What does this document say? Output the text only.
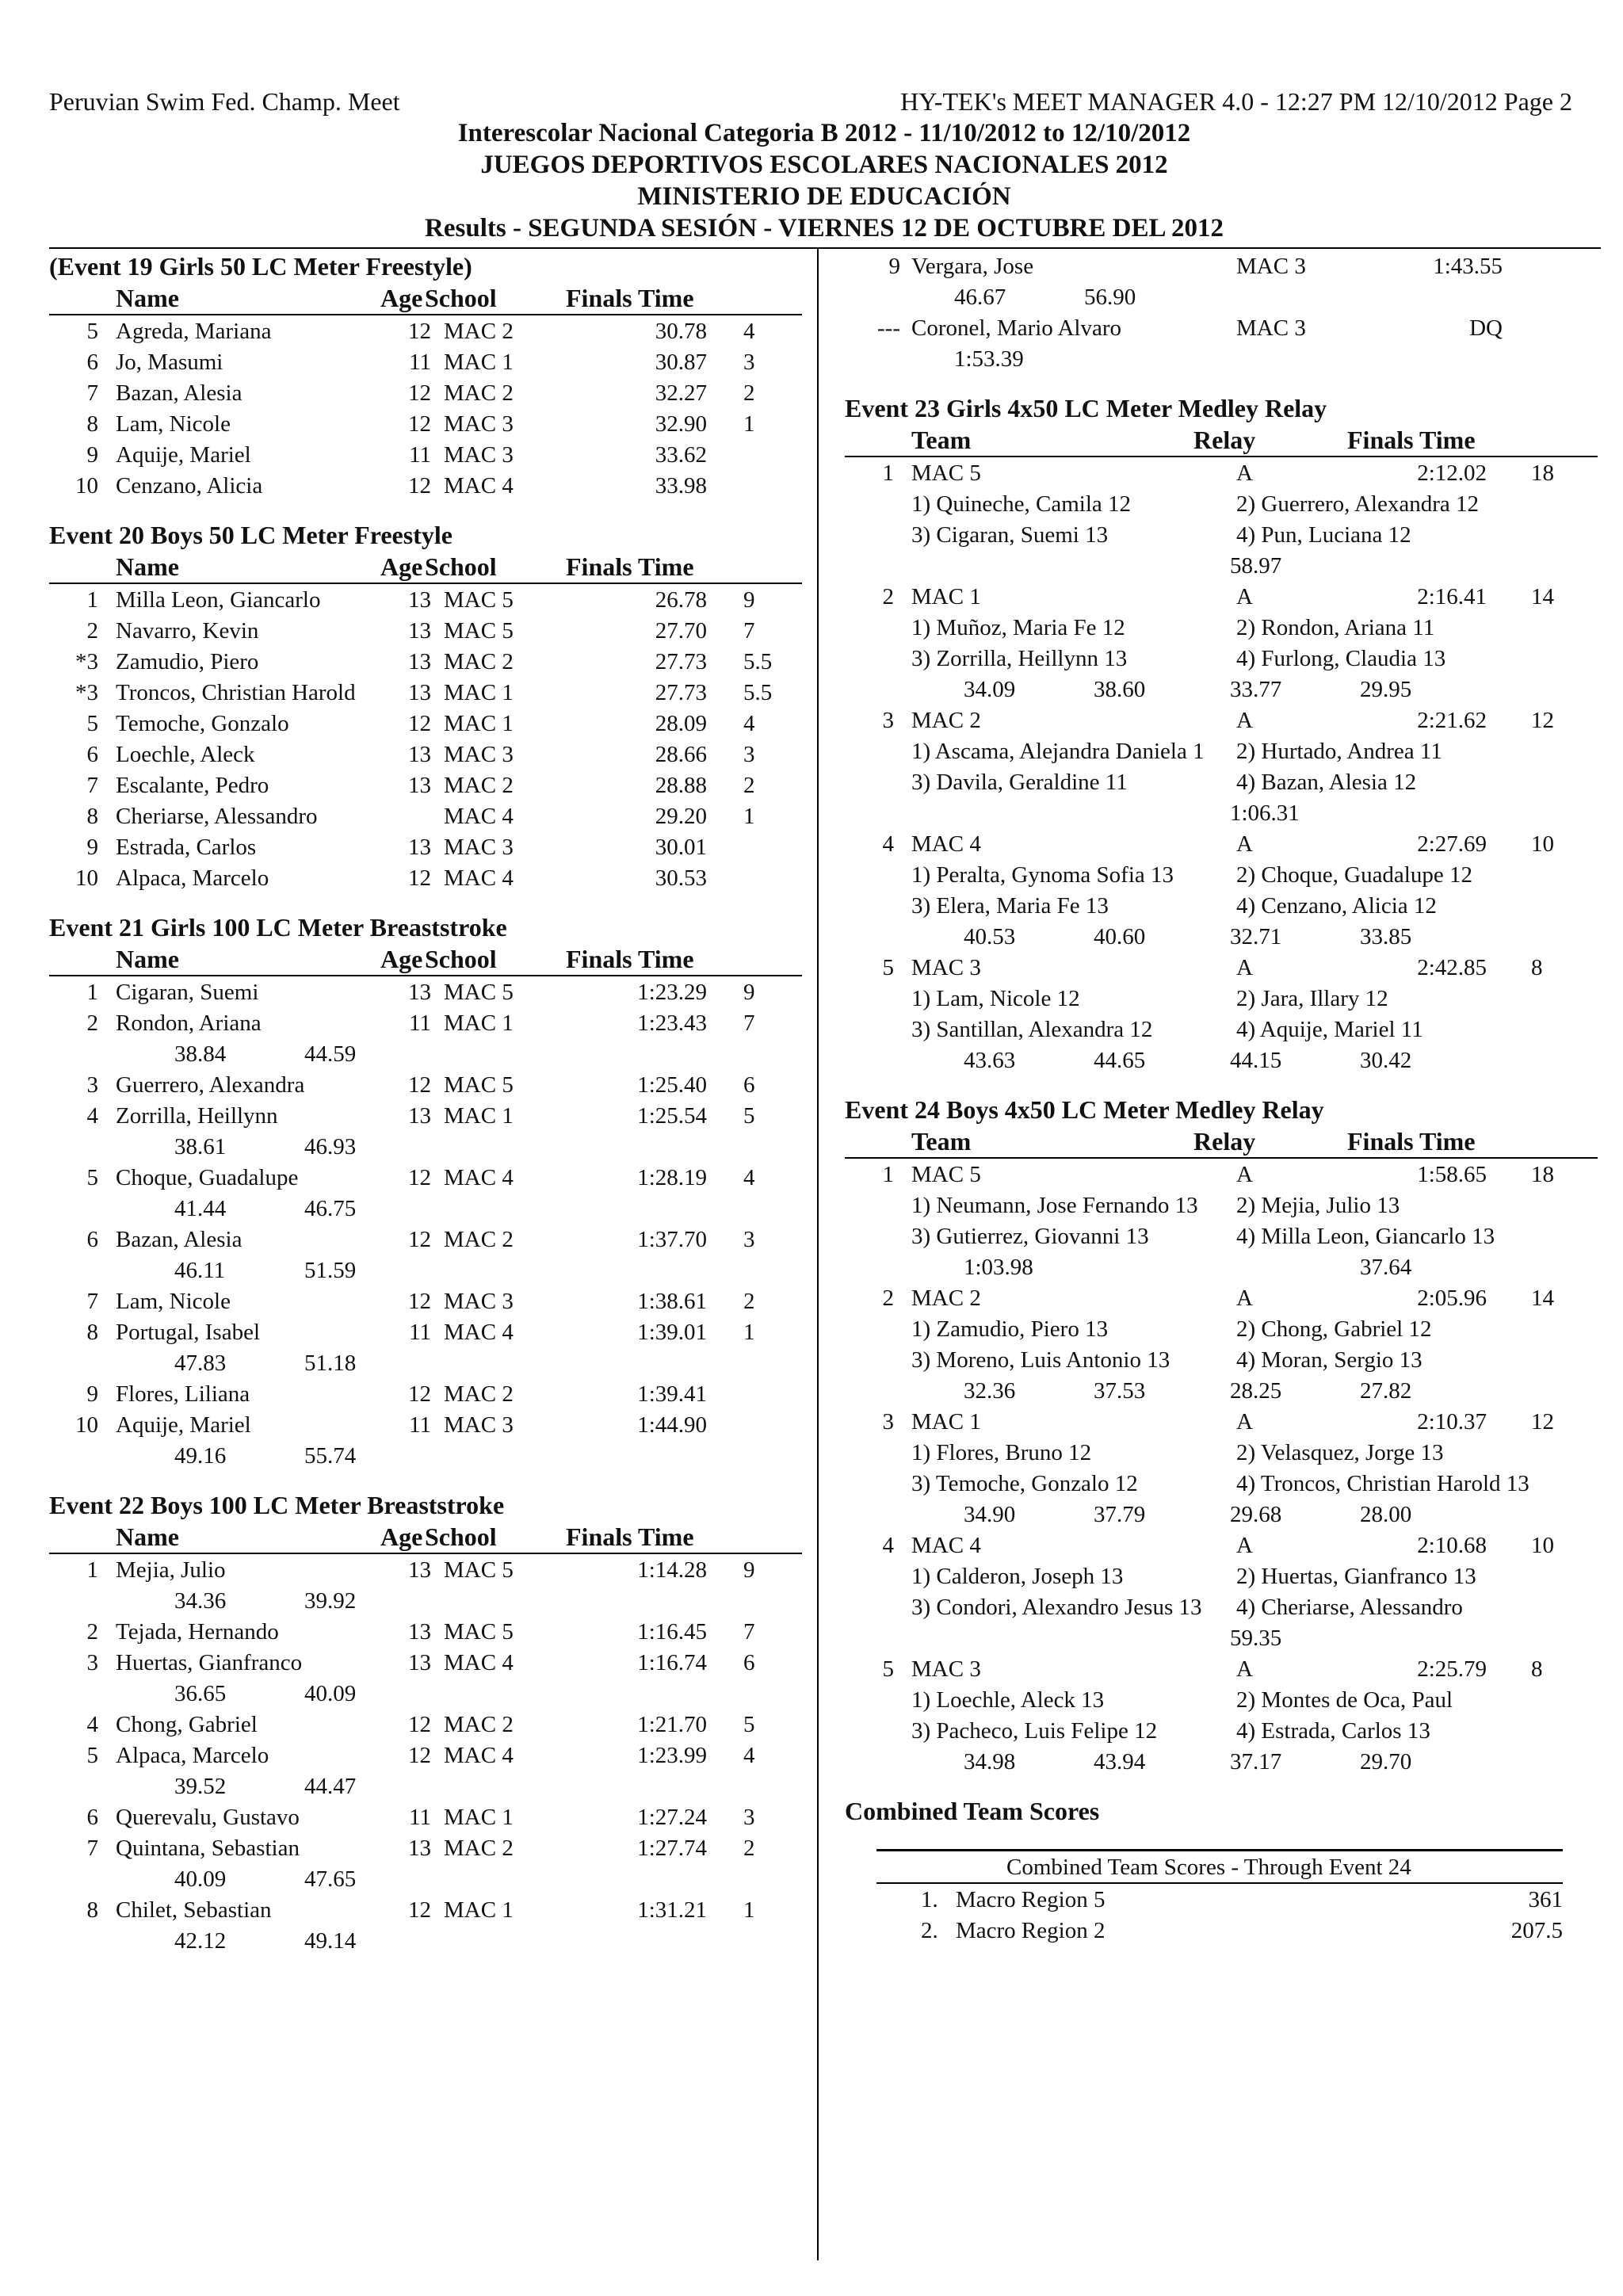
Peruvian Swim Fed. Champ. Meet	HY-TEK's MEET MANAGER 4.0 - 12:27 PM 12/10/2012 Page 2
Interescolar Nacional Categoria B 2012 - 11/10/2012 to 12/10/2012
JUEGOS DEPORTIVOS ESCOLARES NACIONALES 2012
MINISTERIO DE EDUCACIÓN
Results - SEGUNDA SESIÓN - VIERNES 12 DE OCTUBRE DEL 2012
(Event 19 Girls 50 LC Meter Freestyle)
Name	Age School	Finals Time
5 Agreda, Mariana	12 MAC 2	30.78 4
6 Jo, Masumi	11 MAC 1	30.87 3
7 Bazan, Alesia	12 MAC 2	32.27 2
8 Lam, Nicole	12 MAC 3	32.90 1
9 Aquije, Mariel	11 MAC 3	33.62
10 Cenzano, Alicia	12 MAC 4	33.98
Event 20 Boys 50 LC Meter Freestyle
Name	Age School	Finals Time
1 Milla Leon, Giancarlo	13 MAC 5	26.78 9
2 Navarro, Kevin	13 MAC 5	27.70 7
*3 Zamudio, Piero	13 MAC 2	27.73 5.5
*3 Troncos, Christian Harold 13 MAC 1	27.73 5.5
5 Temoche, Gonzalo	12 MAC 1	28.09 4
6 Loechle, Aleck	13 MAC 3	28.66 3
7 Escalante, Pedro	13 MAC 2	28.88 2
8 Cheriarse, Alessandro	MAC 4	29.20 1
9 Estrada, Carlos	13 MAC 3	30.01
10 Alpaca, Marcelo	12 MAC 4	30.53
Event 21 Girls 100 LC Meter Breaststroke
Name	Age School	Finals Time
1 Cigaran, Suemi	13 MAC 5	1:23.29 9
2 Rondon, Ariana	11 MAC 1	1:23.43 7
38.84	44.59
3 Guerrero, Alexandra	12 MAC 5	1:25.40 6
4 Zorrilla, Heillynn	13 MAC 1	1:25.54 5
38.61	46.93
5 Choque, Guadalupe	12 MAC 4	1:28.19 4
41.44	46.75
6 Bazan, Alesia	12 MAC 2	1:37.70 3
46.11	51.59
7 Lam, Nicole	12 MAC 3	1:38.61 2
8 Portugal, Isabel	11 MAC 4	1:39.01 1
47.83	51.18
9 Flores, Liliana	12 MAC 2	1:39.41
10 Aquije, Mariel	11 MAC 3	1:44.90
49.16	55.74
Event 22 Boys 100 LC Meter Breaststroke
Name	Age School	Finals Time
1 Mejia, Julio	13 MAC 5	1:14.28 9
34.36	39.92
2 Tejada, Hernando	13 MAC 5	1:16.45 7
3 Huertas, Gianfranco	13 MAC 4	1:16.74 6
36.65	40.09
4 Chong, Gabriel	12 MAC 2	1:21.70 5
5 Alpaca, Marcelo	12 MAC 4	1:23.99 4
39.52	44.47
6 Querevalu, Gustavo	11 MAC 1	1:27.24 3
7 Quintana, Sebastian	13 MAC 2	1:27.74 2
40.09	47.65
8 Chilet, Sebastian	12 MAC 1	1:31.21 1
42.12	49.14
9 Vergara, Jose	MAC 3	1:43.55
46.67	56.90
--- Coronel, Mario Alvaro	MAC 3	DQ
1:53.39
Event 23 Girls 4x50 LC Meter Medley Relay
Team	Relay	Finals Time
1 MAC 5	A	2:12.02 18
1) Quineche, Camila 12	2) Guerrero, Alexandra 12
3) Cigaran, Suemi 13	4) Pun, Luciana 12
58.97
2 MAC 1	A	2:16.41 14
1) Muñoz, Maria Fe 12	2) Rondon, Ariana 11
3) Zorrilla, Heillynn 13	4) Furlong, Claudia 13
34.09	38.60	33.77	29.95
3 MAC 2	A	2:21.62 12
1) Ascama, Alejandra Daniela 1 2) Hurtado, Andrea 11
3) Davila, Geraldine 11	4) Bazan, Alesia 12
1:06.31
4 MAC 4	A	2:27.69 10
1) Peralta, Gynoma Sofia 13	2) Choque, Guadalupe 12
3) Elera, Maria Fe 13	4) Cenzano, Alicia 12
40.53	40.60	32.71	33.85
5 MAC 3	A	2:42.85 8
1) Lam, Nicole 12	2) Jara, Illary 12
3) Santillan, Alexandra 12	4) Aquije, Mariel 11
43.63	44.65	44.15	30.42
Event 24 Boys 4x50 LC Meter Medley Relay
Team	Relay	Finals Time
1 MAC 5	A	1:58.65 18
1) Neumann, Jose Fernando 13 2) Mejia, Julio 13
3) Gutierrez, Giovanni 13	4) Milla Leon, Giancarlo 13
1:03.98	37.64
2 MAC 2	A	2:05.96 14
1) Zamudio, Piero 13	2) Chong, Gabriel 12
3) Moreno, Luis Antonio 13	4) Moran, Sergio 13
32.36	37.53	28.25	27.82
3 MAC 1	A	2:10.37 12
1) Flores, Bruno 12	2) Velasquez, Jorge 13
3) Temoche, Gonzalo 12	4) Troncos, Christian Harold 13
34.90	37.79	29.68	28.00
4 MAC 4	A	2:10.68 10
1) Calderon, Joseph 13	2) Huertas, Gianfranco 13
3) Condori, Alexandro Jesus 13 4) Cheriarse, Alessandro
59.35
5 MAC 3	A	2:25.79 8
1) Loechle, Aleck 13	2) Montes de Oca, Paul
3) Pacheco, Luis Felipe 12	4) Estrada, Carlos 13
34.98	43.94	37.17	29.70
Combined Team Scores
Combined Team Scores - Through Event 24
1. Macro Region 5	361
2. Macro Region 2	207.5
